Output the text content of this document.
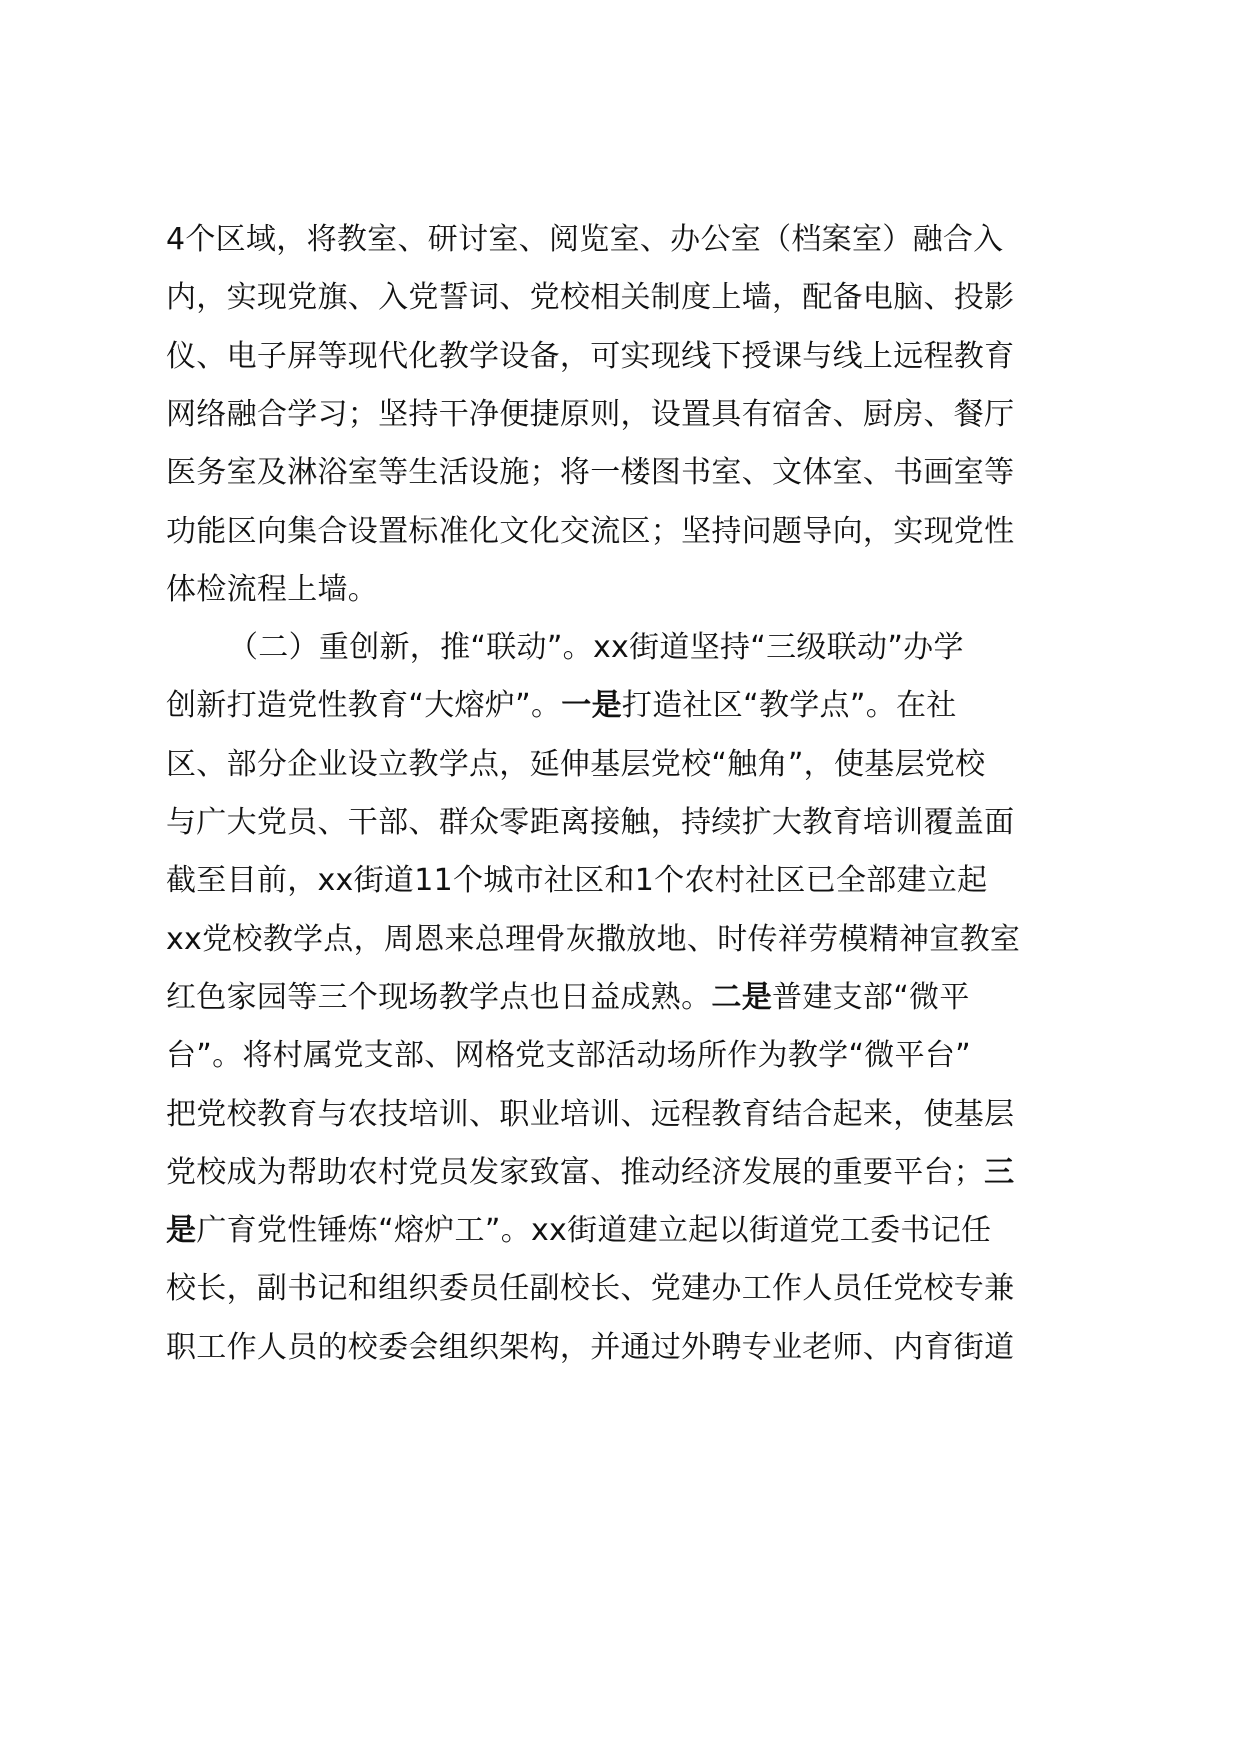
4个区域，将教室、研讨室、阅览室、办公室（档案室）融合入
内，实现党旗、入党誓词、党校相关制度上墙，配备电脑、投影
仪、电子屏等现代化教学设备，可实现线下授课与线上远程教育
网络融合学习；坚持干净便捷原则，设置具有宿舍、厨房、餐厅
医务室及淋浴室等生活设施；将一楼图书室、文体室、书画室等
功能区向集合设置标准化文化交流区；坚持问题导向，实现党性
体检流程上墙。
（二）重创新，推“联动”。xx街道坚持“三级联动”办学
创新打造党性教育“大熔炉”。一是打造社区“教学点”。在社
区、部分企业设立教学点，延伸基层党校“触角”，使基层党校
与广大党员、干部、群众零距离接触，持续扩大教育培训覆盖面
截至目前，xx街道11个城市社区和1个农村社区已全部建立起
xx党校教学点，周恩来总理骨灰撒放地、时传祥劳模精神宣教室
红色家园等三个现场教学点也日益成熟。二是普建支部“微平
台”。将村属党支部、网格党支部活动场所作为教学“微平台”
把党校教育与农技培训、职业培训、远程教育结合起来，使基层
党校成为帮助农村党员发家致富、推动经济发展的重要平台；三
是广育党性锤炼“熔炉工”。xx街道建立起以街道党工委书记任
校长，副书记和组织委员任副校长、党建办工作人员任党校专兼
职工作人员的校委会组织架构，并通过外聘专业老师、内育街道
